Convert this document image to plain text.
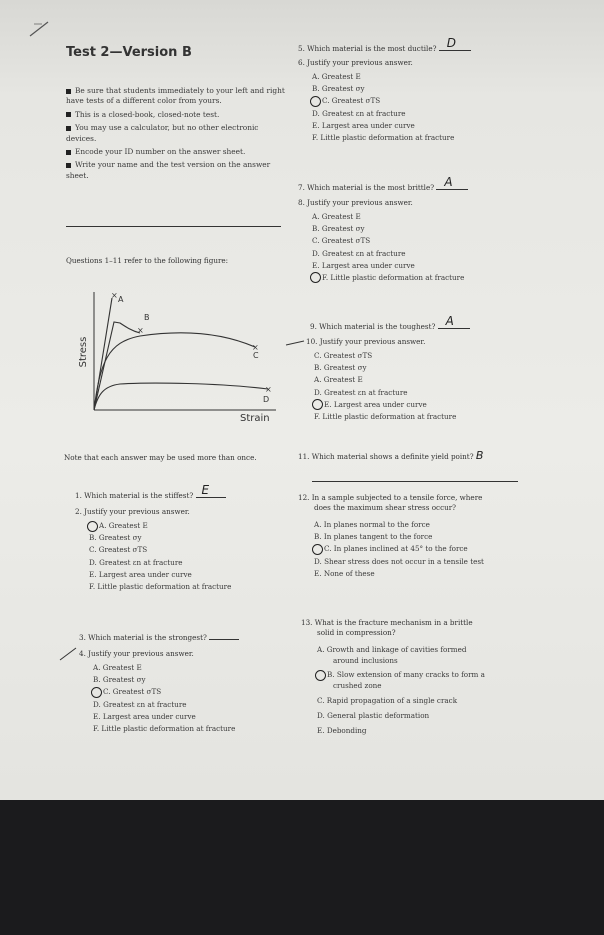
Test 2—Version B
Be sure that students immediately to your left and right have tests of a different color from yours.
This is a closed-book, closed-note test.
You may use a calculator, but no other electronic devices.
Encode your ID number on the answer sheet.
Write your name and the test version on the answer sheet.
Questions 1–11 refer to the following figure:
×
×
×
×
A
B
C
D
Strain
Stress
Note that each answer may be used more than once.
1. Which material is the stiffest? E
2. Justify your previous answer.
A. Greatest E
B. Greatest σy
C. Greatest σTS
D. Greatest εn at fracture
E. Largest area under curve
F. Little plastic deformation at fracture
3. Which material is the strongest?
4. Justify your previous answer.
A. Greatest E
B. Greatest σy
C. Greatest σTS
D. Greatest εn at fracture
E. Largest area under curve
F. Little plastic deformation at fracture
5. Which material is the most ductile? D
6. Justify your previous answer.
A. Greatest E
B. Greatest σy
C. Greatest σTS
D. Greatest εn at fracture
E. Largest area under curve
F. Little plastic deformation at fracture
7. Which material is the most brittle? A
8. Justify your previous answer.
A. Greatest E
B. Greatest σy
C. Greatest σTS
D. Greatest εn at fracture
E. Largest area under curve
F. Little plastic deformation at fracture
9. Which material is the toughest? A
10. Justify your previous answer.
C. Greatest σTS
B. Greatest σy
A. Greatest E
D. Greatest εn at fracture
E. Largest area under curve
F. Little plastic deformation at fracture
11. Which material shows a definite yield point? B
12. In a sample subjected to a tensile force, where
does the maximum shear stress occur?
A. In planes normal to the force
B. In planes tangent to the force
C. In planes inclined at 45° to the force
D. Shear stress does not occur in a tensile test
E. None of these
13. What is the fracture mechanism in a brittle
solid in compression?
A. Growth and linkage of cavities formed
around inclusions
B. Slow extension of many cracks to form a
crushed zone
C. Rapid propagation of a single crack
D. General plastic deformation
E. Debonding
